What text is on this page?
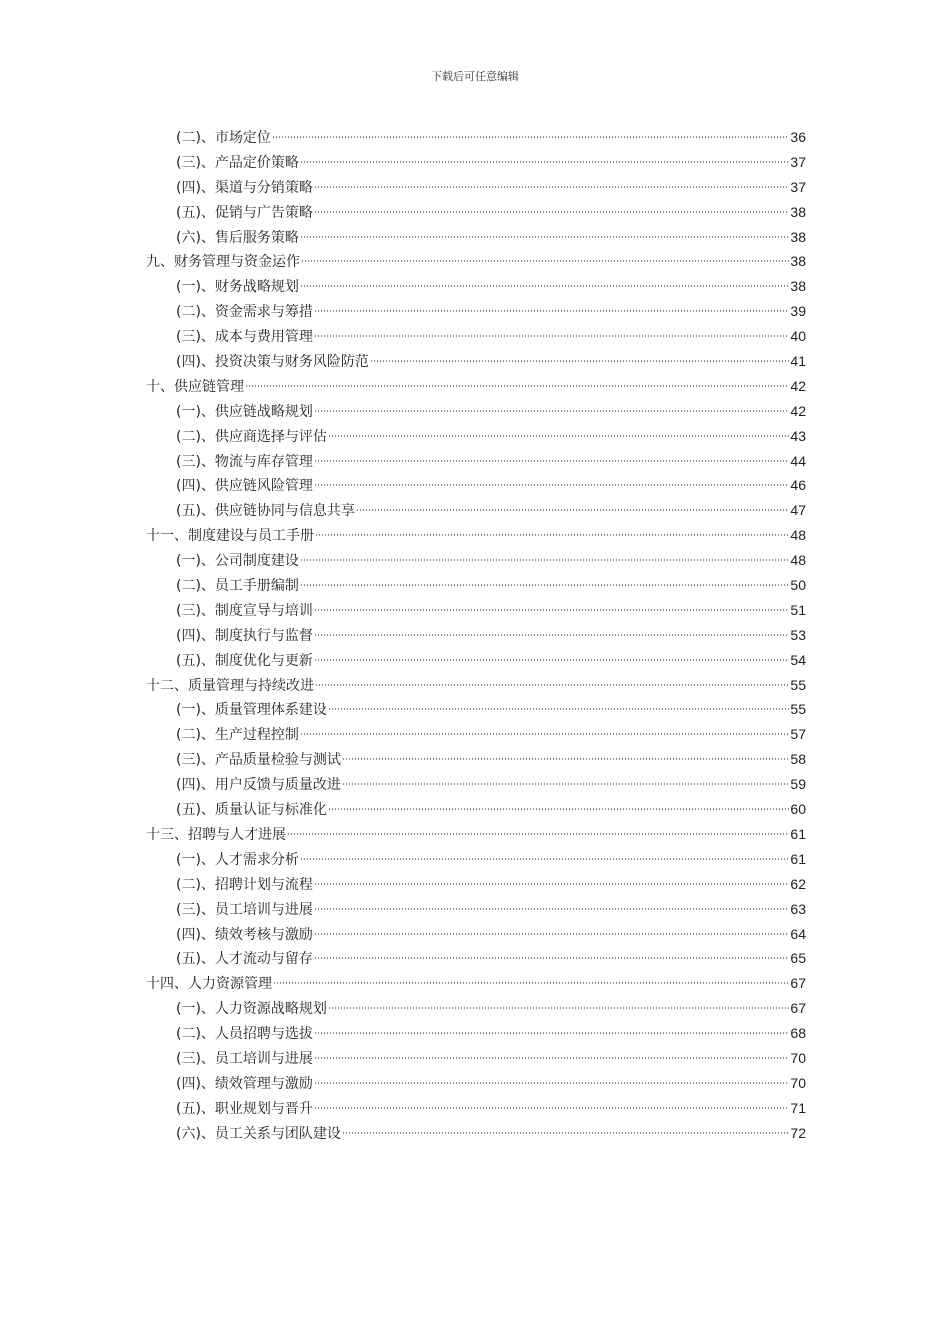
下载后可任意编辑
(二)、市场定位	36
(三)、产品定价策略	37
(四)、渠道与分销策略	37
(五)、促销与广告策略	38
(六)、售后服务策略	38
九、财务管理与资金运作	38
(一)、财务战略规划	38
(二)、资金需求与筹措	39
(三)、成本与费用管理	40
(四)、投资决策与财务风险防范	41
十、供应链管理	42
(一)、供应链战略规划	42
(二)、供应商选择与评估	43
(三)、物流与库存管理	44
(四)、供应链风险管理	46
(五)、供应链协同与信息共享	47
十一、制度建设与员工手册	48
(一)、公司制度建设	48
(二)、员工手册编制	50
(三)、制度宣导与培训	51
(四)、制度执行与监督	53
(五)、制度优化与更新	54
十二、质量管理与持续改进	55
(一)、质量管理体系建设	55
(二)、生产过程控制	57
(三)、产品质量检验与测试	58
(四)、用户反馈与质量改进	59
(五)、质量认证与标准化	60
十三、招聘与人才进展	61
(一)、人才需求分析	61
(二)、招聘计划与流程	62
(三)、员工培训与进展	63
(四)、绩效考核与激励	64
(五)、人才流动与留存	65
十四、人力资源管理	67
(一)、人力资源战略规划	67
(二)、人员招聘与选拔	68
(三)、员工培训与进展	70
(四)、绩效管理与激励	70
(五)、职业规划与晋升	71
(六)、员工关系与团队建设	72
